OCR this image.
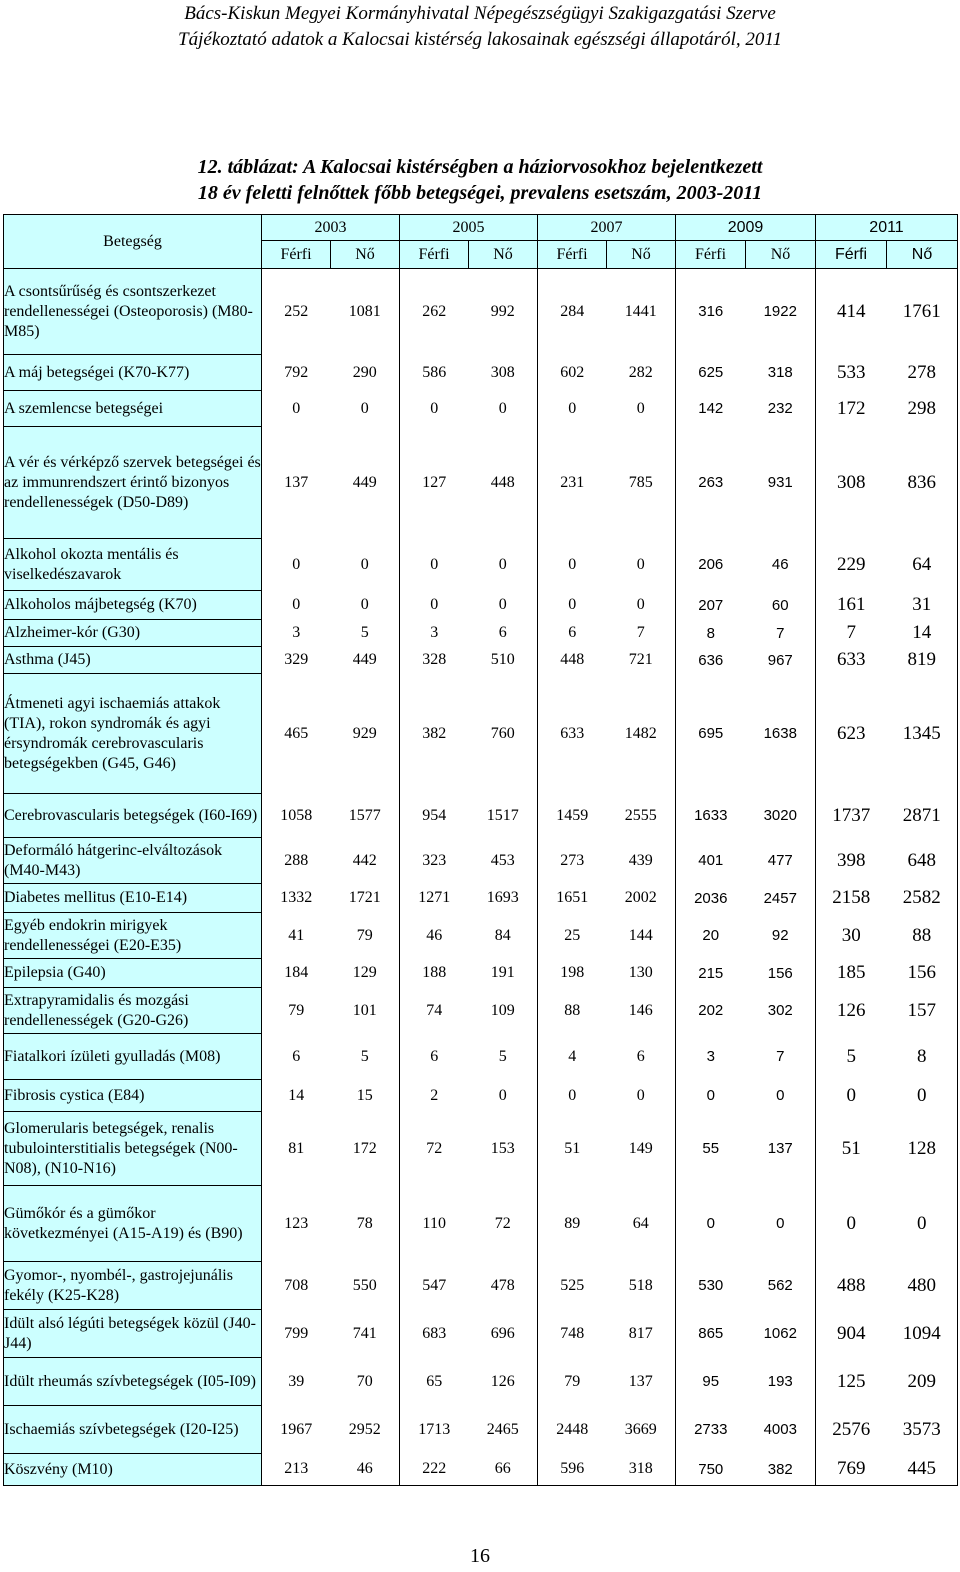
Bács-Kiskun Megyei Kormányhivatal Népegészségügyi Szakigazgatási Szerve
Tájékoztató adatok a Kalocsai kistérség lakosainak egészségi állapotáról, 2011
12. táblázat: A Kalocsai kistérségben a háziorvosokhoz bejelentkezett
18 év feletti felnőttek főbb betegségei, prevalens esetszám, 2003-2011
Betegség	2003		2005		2007		2009		2011	
	Férfi	Nő	Férfi	Nő	Férfi	Nő	Férfi	Nő	Férfi	Nő
A csontsűrűség és csontszerkezet rendellenességei (Osteoporosis) (M80-M85)	252	1081	262	992	284	1441	316	1922	414	1761
A máj betegségei (K70-K77)	792	290	586	308	602	282	625	318	533	278
A szemlencse betegségei	0	0	0	0	0	0	142	232	172	298
A vér és vérképző szervek betegségei és az immunrendszert érintő bizonyos rendellenességek (D50-D89)	137	449	127	448	231	785	263	931	308	836
Alkohol okozta mentális és viselkedészavarok	0	0	0	0	0	0	206	46	229	64
Alkoholos májbetegség (K70)	0	0	0	0	0	0	207	60	161	31
Alzheimer-kór (G30)	3	5	3	6	6	7	8	7	7	14
Asthma (J45)	329	449	328	510	448	721	636	967	633	819
Átmeneti agyi ischaemiás attakok (TIA), rokon syndromák és agyi érsyndromák cerebrovascularis betegségekben (G45, G46)	465	929	382	760	633	1482	695	1638	623	1345
Cerebrovascularis betegségek (I60-I69)	1058	1577	954	1517	1459	2555	1633	3020	1737	2871
Deformáló hátgerinc-elváltozások (M40-M43)	288	442	323	453	273	439	401	477	398	648
Diabetes mellitus (E10-E14)	1332	1721	1271	1693	1651	2002	2036	2457	2158	2582
Egyéb endokrin mirigyek rendellenességei (E20-E35)	41	79	46	84	25	144	20	92	30	88
Epilepsia (G40)	184	129	188	191	198	130	215	156	185	156
Extrapyramidalis és mozgási rendellenességek (G20-G26)	79	101	74	109	88	146	202	302	126	157
Fiatalkori ízületi gyulladás (M08)	6	5	6	5	4	6	3	7	5	8
Fibrosis cystica (E84)	14	15	2	0	0	0	0	0	0	0
Glomerularis betegségek, renalis tubulointerstitialis betegségek (N00-N08), (N10-N16)	81	172	72	153	51	149	55	137	51	128
Gümőkór és a gümőkor következményei (A15-A19) és (B90)	123	78	110	72	89	64	0	0	0	0
Gyomor-, nyombél-, gastrojejunális fekély (K25-K28)	708	550	547	478	525	518	530	562	488	480
Idült alsó légúti betegségek közül (J40-J44)	799	741	683	696	748	817	865	1062	904	1094
Idült rheumás szívbetegségek (I05-I09)	39	70	65	126	79	137	95	193	125	209
Ischaemiás szívbetegségek (I20-I25)	1967	2952	1713	2465	2448	3669	2733	4003	2576	3573
Köszvény (M10)	213	46	222	66	596	318	750	382	769	445
16
